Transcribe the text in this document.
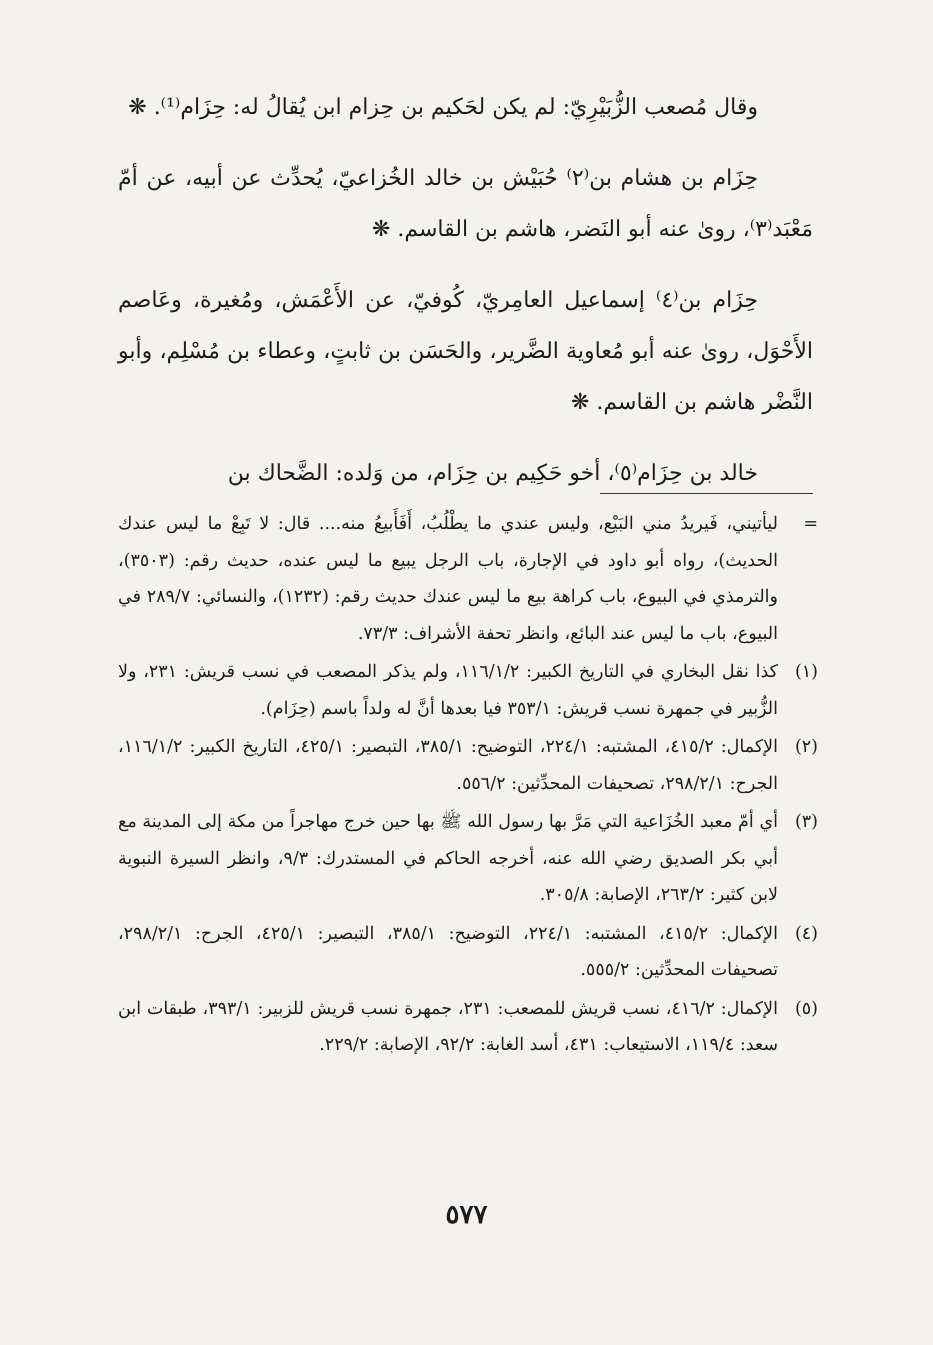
وقال مُصعب الزُّبَيْرِيّ: لم يكن لحَكيم بن حِزام ابن يُقالُ له: حِزَام⁽¹⁾. ❋

حِزَام بن هشام بن⁽٢⁾ حُبَيْش بن خالد الخُزاعيّ، يُحدِّث عن أبيه، عن أمّ مَعْبَد⁽٣⁾، روىٰ عنه أبو النَضر، هاشم بن القاسم. ❋

حِزَام بن⁽٤⁾ إسماعيل العامِريّ، كُوفيّ، عن الأَعْمَش، ومُغيرة، وعَاصم الأَحْوَل، روىٰ عنه أبو مُعاوية الضَّرير، والحَسَن بن ثابتٍ، وعطاء بن مُسْلِم، وأبو النَّضْر هاشم بن القاسم. ❋

خالد بن حِزَام⁽٥⁾، أخو حَكِيم بن حِزَام، من وَلده: الضَّحاك بن

=
ليأتيني، فَيريدُ مني البَيْع، وليس عندي ما يطْلُبُ، أَفَأَبيعُ منه.... قال: لا تَبِعْ ما ليس عندك الحديث)، رواه أبو داود في الإجارة، باب الرجل يبيع ما ليس عنده، حديث رقم: (٣٥٠٣)، والترمذي في البيوع، باب كراهة بيع ما ليس عندك حديث رقم: (١٢٣٢)، والنسائي: ٢٨٩/٧ في البيوع، باب ما ليس عند البائع، وانظر تحفة الأشراف: ٧٣/٣.
(١)
كذا نقل البخاري في التاريخ الكبير: ١١٦/١/٢، ولم يذكر المصعب في نسب قريش: ٢٣١، ولا الزُّبير في جمهرة نسب قريش: ٣٥٣/١ فيا بعدها أنَّ له ولداً باسم (حِزَام).
(٢)
الإكمال: ٤١٥/٢، المشتبه: ٢٢٤/١، التوضيح: ٣٨٥/١، التبصير: ٤٢٥/١، التاريخ الكبير: ١١٦/١/٢، الجرح: ٢٩٨/٢/١، تصحيفات المحدِّثين: ٥٥٦/٢.
(٣)
أي أمّ معبد الخُزَاعية التي مَرَّ بها رسول الله ﷺ بها حين خرج مهاجراً من مكة إلى المدينة مع أبي بكر الصديق رضي الله عنه، أخرجه الحاكم في المستدرك: ٩/٣، وانظر السيرة النبوية لابن كثير: ٢٦٣/٢، الإصابة: ٣٠٥/٨.
(٤)
الإكمال: ٤١٥/٢، المشتبه: ٢٢٤/١، التوضيح: ٣٨٥/١، التبصير: ٤٢٥/١، الجرح: ٢٩٨/٢/١، تصحيفات المحدِّثين: ٥٥٥/٢.
(٥)
الإكمال: ٤١٦/٢، نسب قريش للمصعب: ٢٣١، جمهرة نسب قريش للزبير: ٣٩٣/١، طبقات ابن سعد: ١١٩/٤، الاستيعاب: ٤٣١، أسد الغابة: ٩٢/٢، الإصابة: ٢٢٩/٢.
٥٧٧
